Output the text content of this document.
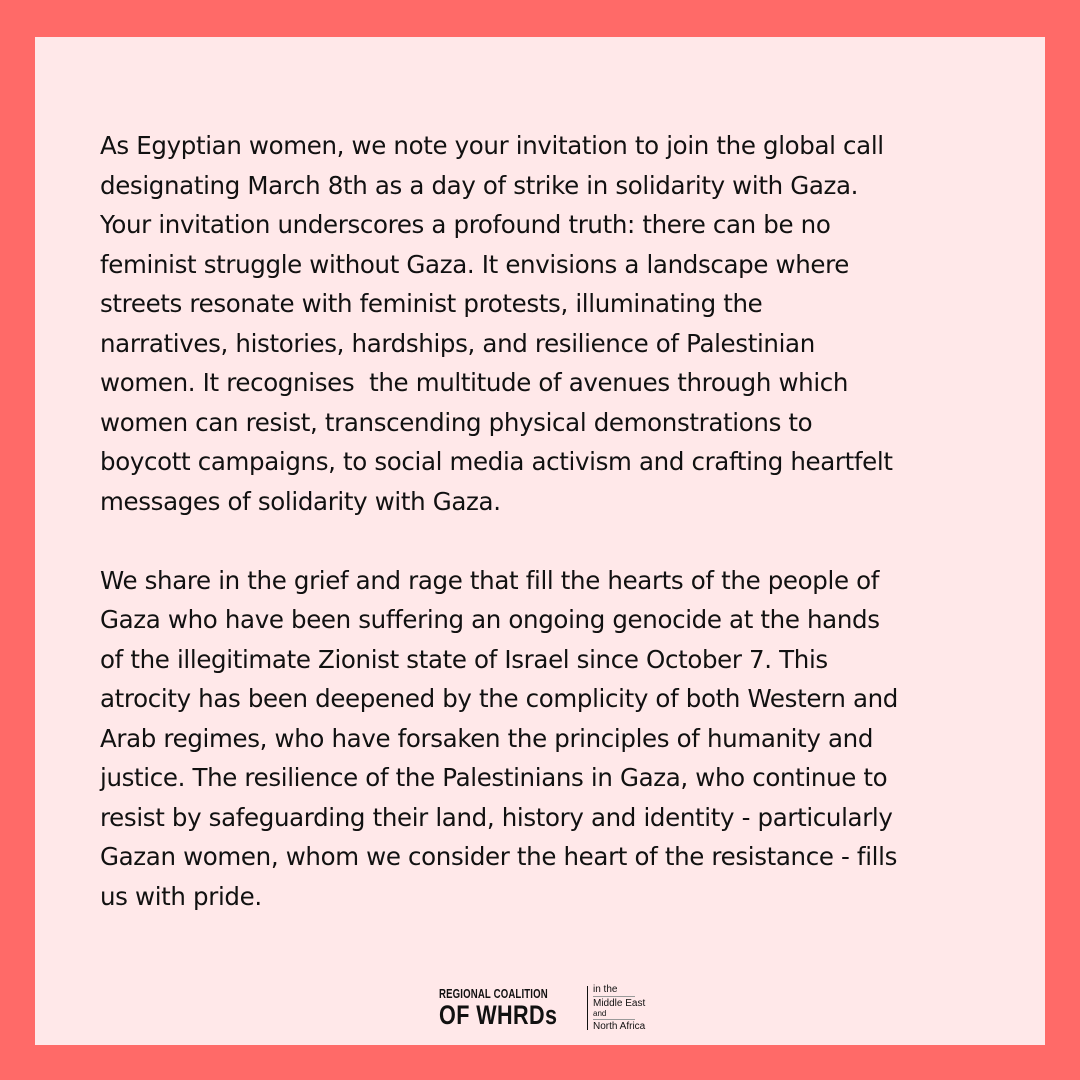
As Egyptian women, we note your invitation to join the global call
designating March 8th as a day of strike in solidarity with Gaza.
Your invitation underscores a profound truth: there can be no
feminist struggle without Gaza. It envisions a landscape where
streets resonate with feminist protests, illuminating the
narratives, histories, hardships, and resilience of Palestinian
women. It recognises  the multitude of avenues through which
women can resist, transcending physical demonstrations to
boycott campaigns, to social media activism and crafting heartfelt
messages of solidarity with Gaza.

We share in the grief and rage that fill the hearts of the people of
Gaza who have been suffering an ongoing genocide at the hands
of the illegitimate Zionist state of Israel since October 7. This
atrocity has been deepened by the complicity of both Western and
Arab regimes, who have forsaken the principles of humanity and
justice. The resilience of the Palestinians in Gaza, who continue to
resist by safeguarding their land, history and identity - particularly
Gazan women, whom we consider the heart of the resistance - fills
us with pride.

REGIONAL COALITION
OF WHRDs
in the
Middle East
and
North Africa
